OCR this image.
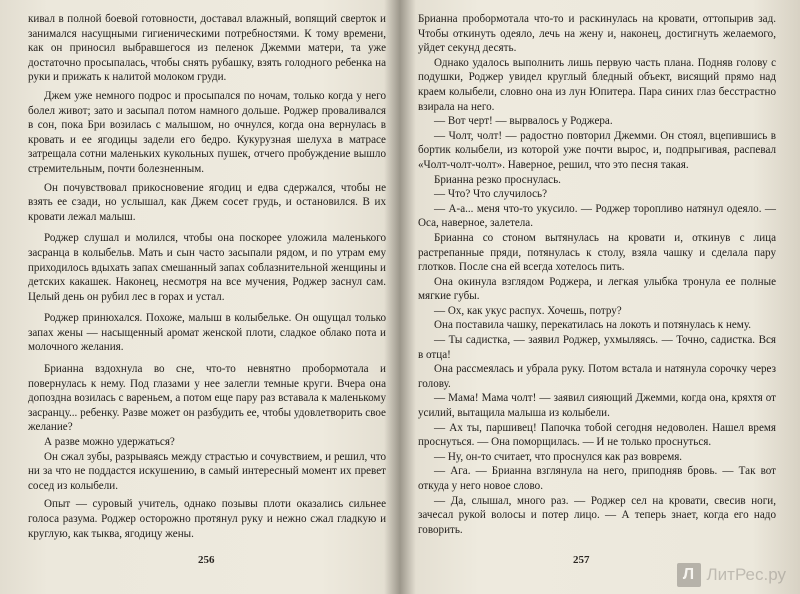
кивал в полной боевой готовности, доставал влажный, вопящий сверток и занимался насущными гигиеническими потребностями. К тому времени, как он приносил выбравшегося из пеленок Джемми матери, та уже достаточно просыпалась, чтобы снять рубашку, взять голодного ребенка на руки и прижать к налитой молоком груди.

Джем уже немного подрос и просыпался по ночам, только когда у него болел живот; зато и засыпал потом намного дольше. Роджер проваливался в сон, пока Бри возилась с малышом, но очнулся, когда она вернулась в кровать и ее ягодицы задели его бедро. Кукурузная шелуха в матрасе затрещала сотни маленьких кукольных пушек, отчего пробуждение вышло стремительным, почти болезненным.

Он почувствовал прикосновение ягодиц и едва сдержался, чтобы не взять ее сзади, но услышал, как Джем сосет грудь, и остановился. В их кровати лежал малыш.

Роджер слушал и молился, чтобы она поскорее уложила маленького засранца в колыбельв. Мать и сын часто засыпали рядом, и по утрам ему приходилось вдыхать запах смешанный запах соблазнительной женщины и детских какашек. Наконец, несмотря на все мучения, Роджер заснул сам. Целый день он рубил лес в горах и устал.

Роджер принюхался. Похоже, малыш в колыбельке. Он ощущал только запах жены — насыщенный аромат женской плоти, сладкое облако пота и молочного желания.

Брианна вздохнула во сне, что-то невнятно пробормотала и повернулась к нему. Под глазами у нее залегли темные круги. Вчера она допоздна возилась с вареньем, а потом еще пару раз вставала к маленькому засранцу... ребенку. Разве может он разбудить ее, чтобы удовлетворить свое желание?

А разве можно удержаться?

Он сжал зубы, разрываясь между страстью и сочувствием, и решил, что ни за что не поддастся искушению, в самый интересный момент их превет сосед из колыбели.

Опыт — суровый учитель, однако позывы плоти оказались сильнее голоса разума. Роджер осторожно протянул руку и нежно сжал гладкую и круглую, как тыква, ягодицу жены.

256

Брианна пробормотала что-то и раскинулась на кровати, оттопырив зад. Чтобы откинуть одеяло, лечь на жену и, наконец, достигнуть желаемого, уйдет секунд десять.

Однако удалось выполнить лишь первую часть плана. Подняв голову с подушки, Роджер увидел круглый бледный объект, висящий прямо над краем колыбели, словно она из лун Юпитера. Пара синих глаз бесстрастно взирала на него.

— Вот черт! — вырвалось у Роджера.

— Чолт, чолт! — радостно повторил Джемми. Он стоял, вцепившись в бортик колыбели, из которой уже почти вырос, и, подпрыгивая, распевал «Чолт-чолт-чолт». Наверное, решил, что это песня такая.

Брианна резко проснулась.

— Что? Что случилось?

— А-а... меня что-то укусило. — Роджер торопливо натянул одеяло. — Оса, наверное, залетела.

Брианна со стоном вытянулась на кровати и, откинув с лица растрепанные пряди, потянулась к столу, взяла чашку и сделала пару глотков. После сна ей всегда хотелось пить.

Она окинула взглядом Роджера, и легкая улыбка тронула ее полные мягкие губы.

— Ох, как укус распух. Хочешь, потру?

Она поставила чашку, перекатилась на локоть и потянулась к нему.

— Ты садистка, — заявил Роджер, ухмыляясь. — Точно, садистка. Вся в отца!

Она рассмеялась и убрала руку. Потом встала и натянула сорочку через голову.

— Мама! Мама чолт! — заявил сияющий Джемми, когда она, кряхтя от усилий, вытащила малыша из колыбели.

— Ах ты, паршивец! Папочка тобой сегодня недоволен. Нашел время проснуться. — Она поморщилась. — И не только проснуться.

— Ну, он-то считает, что проснулся как раз вовремя.

— Ага. — Брианна взглянула на него, приподняв бровь. — Так вот откуда у него новое слово.

— Да, слышал, много раз. — Роджер сел на кровати, свесив ноги, зачесал рукой волосы и потер лицо. — А теперь знает, когда его надо говорить.

257
Л ЛитРес.ру
